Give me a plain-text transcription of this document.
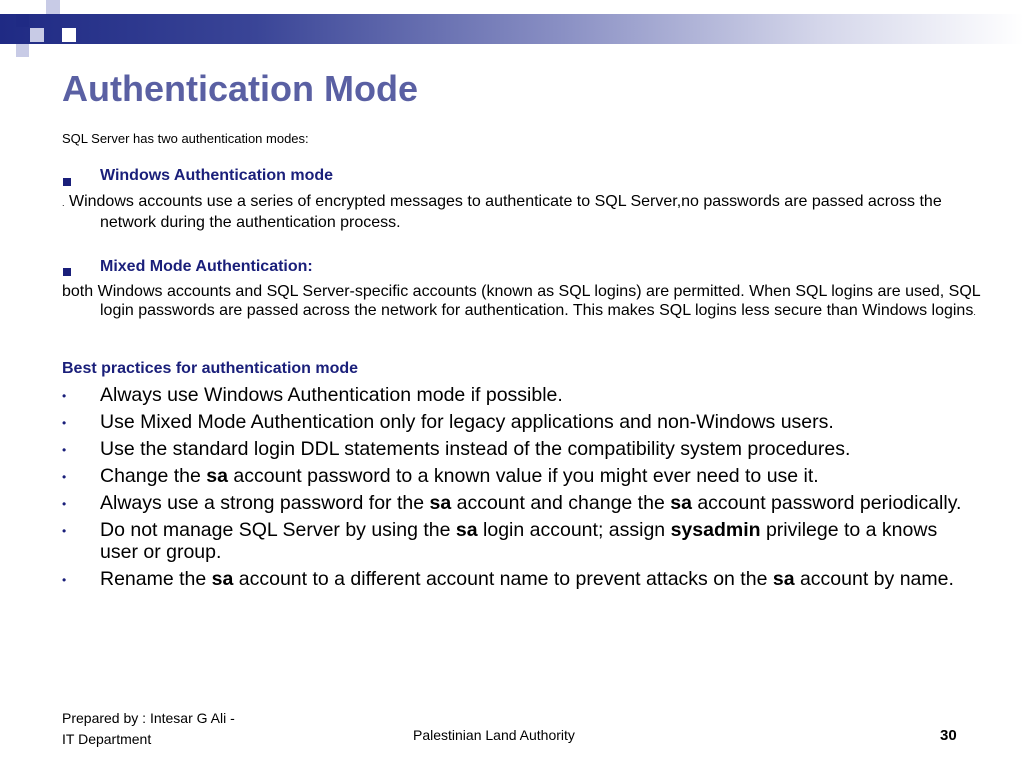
Authentication Mode
SQL Server has two authentication modes:
Windows Authentication mode
. Windows accounts use a series of encrypted messages to authenticate to SQL Server,no passwords are passed across the network during the authentication process.
Mixed Mode Authentication:
both Windows accounts and SQL Server-specific accounts (known as SQL logins) are permitted. When SQL logins are used, SQL login passwords are passed across the network for authentication. This makes SQL logins less secure than Windows logins.
Best practices for authentication mode
• Always use Windows Authentication mode if possible.
• Use Mixed Mode Authentication only for legacy applications and non-Windows users.
• Use the standard login DDL statements instead of the compatibility system procedures.
• Change the sa account password to a known value if you might ever need to use it.
• Always use a strong password for the sa account and change the sa account password periodically.
• Do not manage SQL Server by using the sa login account; assign sysadmin privilege to a knows user or group.
• Rename the sa account to a different account name to prevent attacks on the sa account by name.
Prepared by : Intesar G Ali -
IT Department	Palestinian Land Authority	30
